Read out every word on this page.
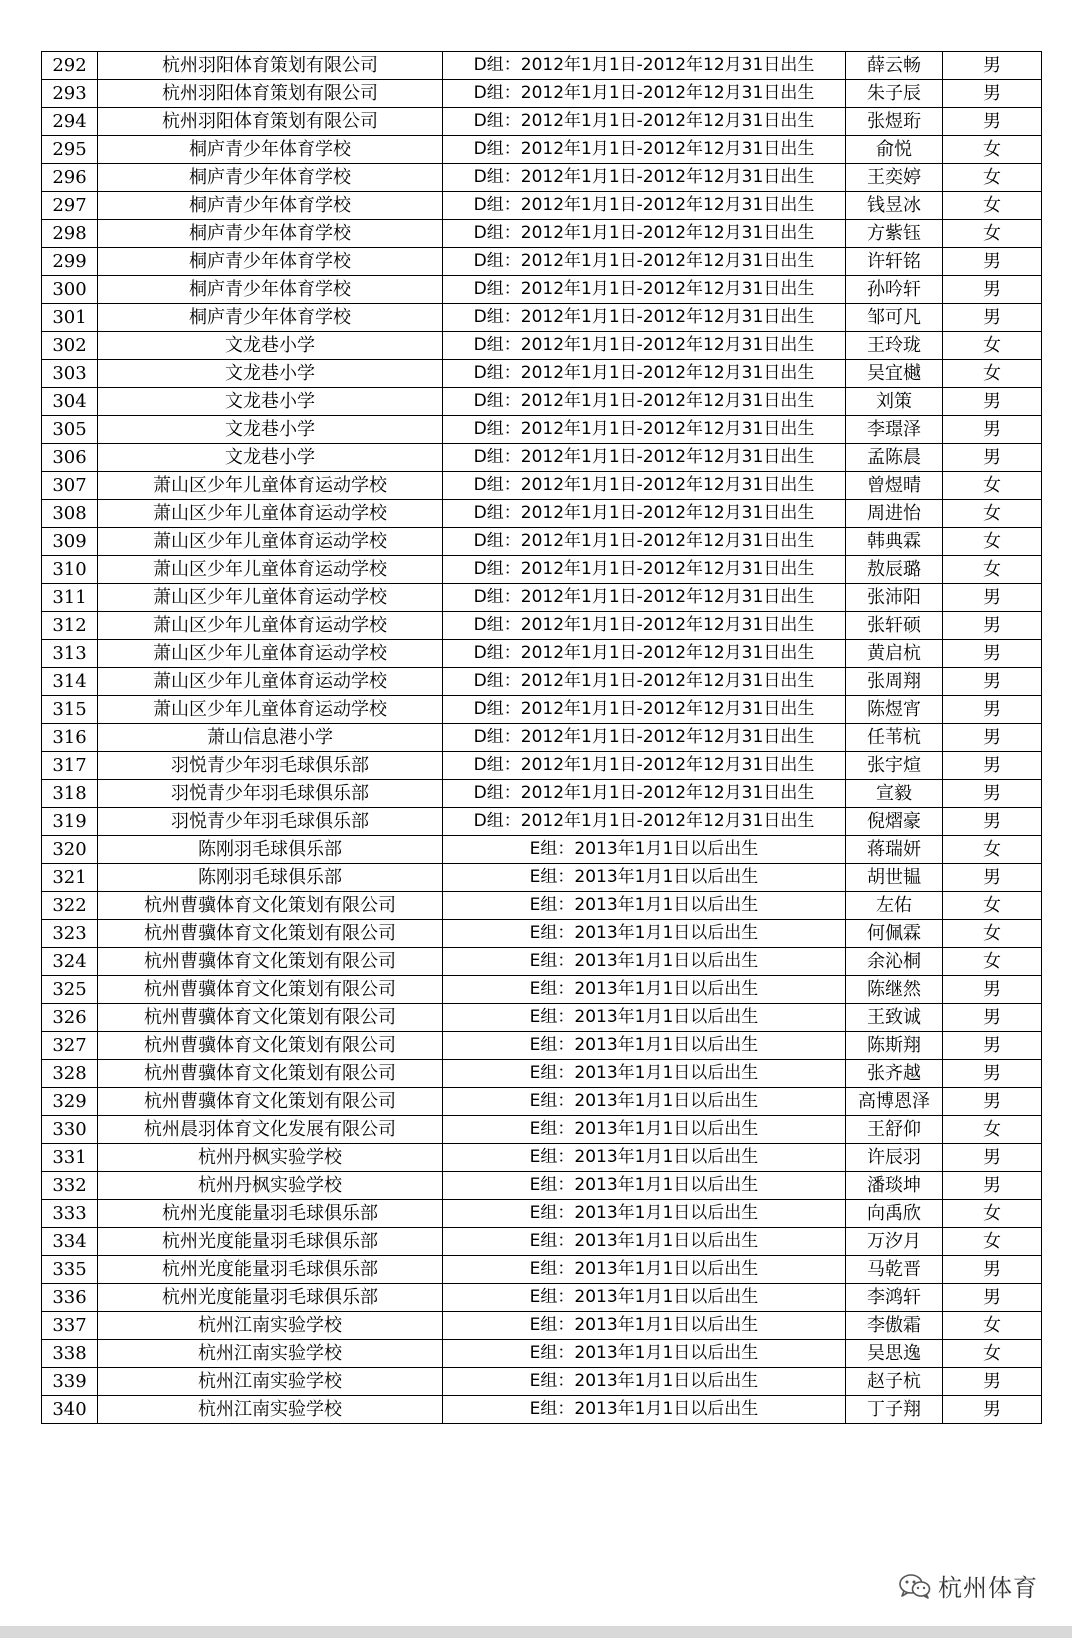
292	杭州羽阳体育策划有限公司	D组：2012年1月1日-2012年12月31日出生	薛云畅	男
293	杭州羽阳体育策划有限公司	D组：2012年1月1日-2012年12月31日出生	朱子辰	男
294	杭州羽阳体育策划有限公司	D组：2012年1月1日-2012年12月31日出生	张煜珩	男
295	桐庐青少年体育学校	D组：2012年1月1日-2012年12月31日出生	俞悦	女
296	桐庐青少年体育学校	D组：2012年1月1日-2012年12月31日出生	王奕婷	女
297	桐庐青少年体育学校	D组：2012年1月1日-2012年12月31日出生	钱昱冰	女
298	桐庐青少年体育学校	D组：2012年1月1日-2012年12月31日出生	方紫钰	女
299	桐庐青少年体育学校	D组：2012年1月1日-2012年12月31日出生	许轩铭	男
300	桐庐青少年体育学校	D组：2012年1月1日-2012年12月31日出生	孙吟轩	男
301	桐庐青少年体育学校	D组：2012年1月1日-2012年12月31日出生	邹可凡	男
302	文龙巷小学	D组：2012年1月1日-2012年12月31日出生	王玲珑	女
303	文龙巷小学	D组：2012年1月1日-2012年12月31日出生	吴宜樾	女
304	文龙巷小学	D组：2012年1月1日-2012年12月31日出生	刘策	男
305	文龙巷小学	D组：2012年1月1日-2012年12月31日出生	李璟泽	男
306	文龙巷小学	D组：2012年1月1日-2012年12月31日出生	孟陈晨	男
307	萧山区少年儿童体育运动学校	D组：2012年1月1日-2012年12月31日出生	曾煜晴	女
308	萧山区少年儿童体育运动学校	D组：2012年1月1日-2012年12月31日出生	周进怡	女
309	萧山区少年儿童体育运动学校	D组：2012年1月1日-2012年12月31日出生	韩典霖	女
310	萧山区少年儿童体育运动学校	D组：2012年1月1日-2012年12月31日出生	敖辰璐	女
311	萧山区少年儿童体育运动学校	D组：2012年1月1日-2012年12月31日出生	张沛阳	男
312	萧山区少年儿童体育运动学校	D组：2012年1月1日-2012年12月31日出生	张轩硕	男
313	萧山区少年儿童体育运动学校	D组：2012年1月1日-2012年12月31日出生	黄启杭	男
314	萧山区少年儿童体育运动学校	D组：2012年1月1日-2012年12月31日出生	张周翔	男
315	萧山区少年儿童体育运动学校	D组：2012年1月1日-2012年12月31日出生	陈煜宵	男
316	萧山信息港小学	D组：2012年1月1日-2012年12月31日出生	任苇杭	男
317	羽悦青少年羽毛球俱乐部	D组：2012年1月1日-2012年12月31日出生	张宇煊	男
318	羽悦青少年羽毛球俱乐部	D组：2012年1月1日-2012年12月31日出生	宣毅	男
319	羽悦青少年羽毛球俱乐部	D组：2012年1月1日-2012年12月31日出生	倪熠豪	男
320	陈刚羽毛球俱乐部	E组：2013年1月1日以后出生	蒋瑞妍	女
321	陈刚羽毛球俱乐部	E组：2013年1月1日以后出生	胡世韫	男
322	杭州曹骥体育文化策划有限公司	E组：2013年1月1日以后出生	左佑	女
323	杭州曹骥体育文化策划有限公司	E组：2013年1月1日以后出生	何佩霖	女
324	杭州曹骥体育文化策划有限公司	E组：2013年1月1日以后出生	余沁桐	女
325	杭州曹骥体育文化策划有限公司	E组：2013年1月1日以后出生	陈继然	男
326	杭州曹骥体育文化策划有限公司	E组：2013年1月1日以后出生	王致诚	男
327	杭州曹骥体育文化策划有限公司	E组：2013年1月1日以后出生	陈斯翔	男
328	杭州曹骥体育文化策划有限公司	E组：2013年1月1日以后出生	张齐越	男
329	杭州曹骥体育文化策划有限公司	E组：2013年1月1日以后出生	高博恩泽	男
330	杭州晨羽体育文化发展有限公司	E组：2013年1月1日以后出生	王舒仰	女
331	杭州丹枫实验学校	E组：2013年1月1日以后出生	许辰羽	男
332	杭州丹枫实验学校	E组：2013年1月1日以后出生	潘琰坤	男
333	杭州光度能量羽毛球俱乐部	E组：2013年1月1日以后出生	向禹欣	女
334	杭州光度能量羽毛球俱乐部	E组：2013年1月1日以后出生	万汐月	女
335	杭州光度能量羽毛球俱乐部	E组：2013年1月1日以后出生	马乾晋	男
336	杭州光度能量羽毛球俱乐部	E组：2013年1月1日以后出生	李鸿轩	男
337	杭州江南实验学校	E组：2013年1月1日以后出生	李傲霜	女
338	杭州江南实验学校	E组：2013年1月1日以后出生	吴思逸	女
339	杭州江南实验学校	E组：2013年1月1日以后出生	赵子杭	男
340	杭州江南实验学校	E组：2013年1月1日以后出生	丁子翔	男
杭州体育
